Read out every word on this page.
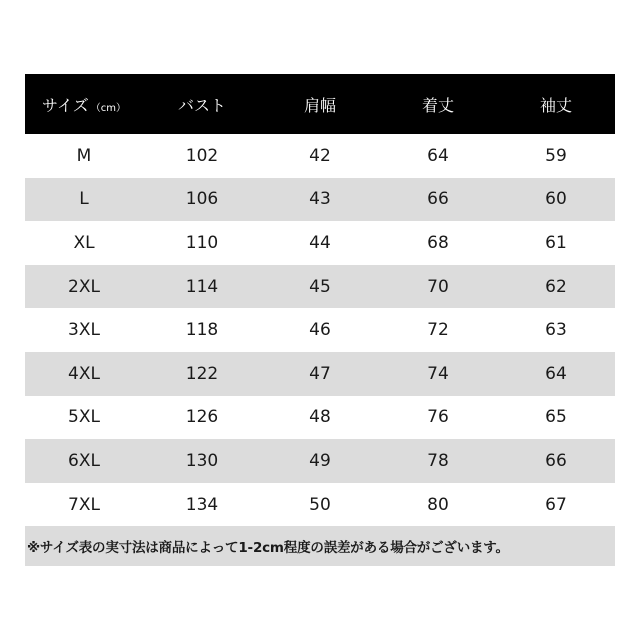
サイズ （cm）	バスト	肩幅	着丈	袖丈
M	102	42	64	59
L	106	43	66	60
XL	110	44	68	61
2XL	114	45	70	62
3XL	118	46	72	63
4XL	122	47	74	64
5XL	126	48	76	65
6XL	130	49	78	66
7XL	134	50	80	67
※サイズ表の実寸法は商品によって1-2cm程度の誤差がある場合がございます。
